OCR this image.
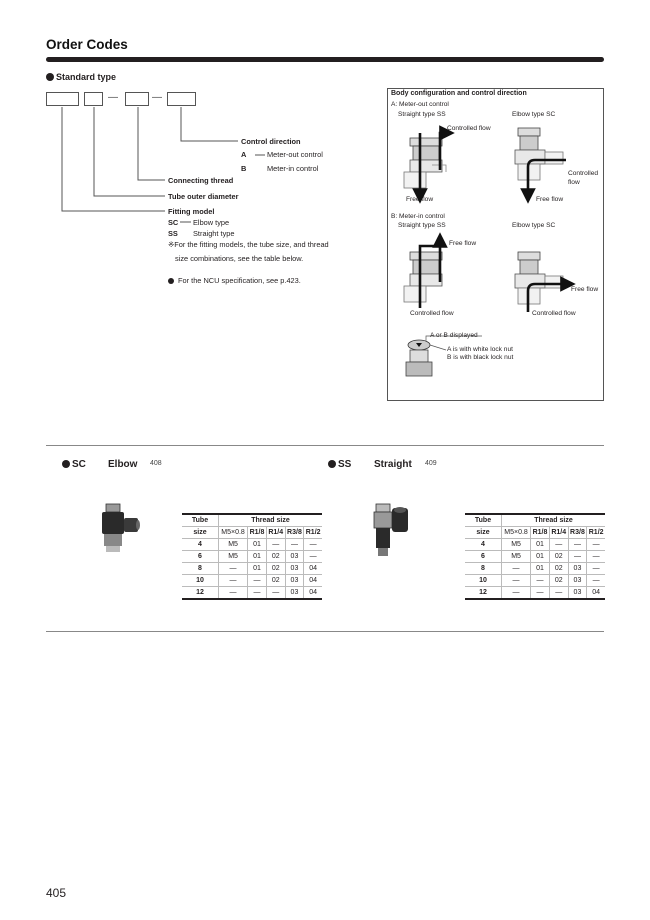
Order Codes
Standard type
—	—
Control direction
A	Meter-out control
B	Meter-in control
Connecting thread
Tube outer diameter
Fitting model
SC Elbow type
SS Straight type
※For the fitting models, the tube size, and thread
size combinations, see the table below.
For the NCU specification, see p.423.
Body configuration and control direction
A: Meter-out control
Straight type SS	Elbow type SC
Controlled flow
Controlled
flow
Free flow	Free flow
B: Meter-in control
Straight type SS	Elbow type SC
Free flow
Free flow
Controlled flow	Controlled flow
A or B displayed
A is with white lock nut
B is with black lock nut
SC Elbow 408
Tube	Thread size				
size	M5×0.8	R1/8	R1/4	R3/8	R1/2
4	M5	01	—	—	—
6	M5	01	02	03	—
8	—	01	02	03	04
10	—	—	02	03	04
12	—	—	—	03	04
SS Straight 409
Tube	Thread size				
size	M5×0.8	R1/8	R1/4	R3/8	R1/2
4	M5	01	—	—	—
6	M5	01	02	—	—
8	—	01	02	03	—
10	—	—	02	03	—
12	—	—	—	03	04
405
